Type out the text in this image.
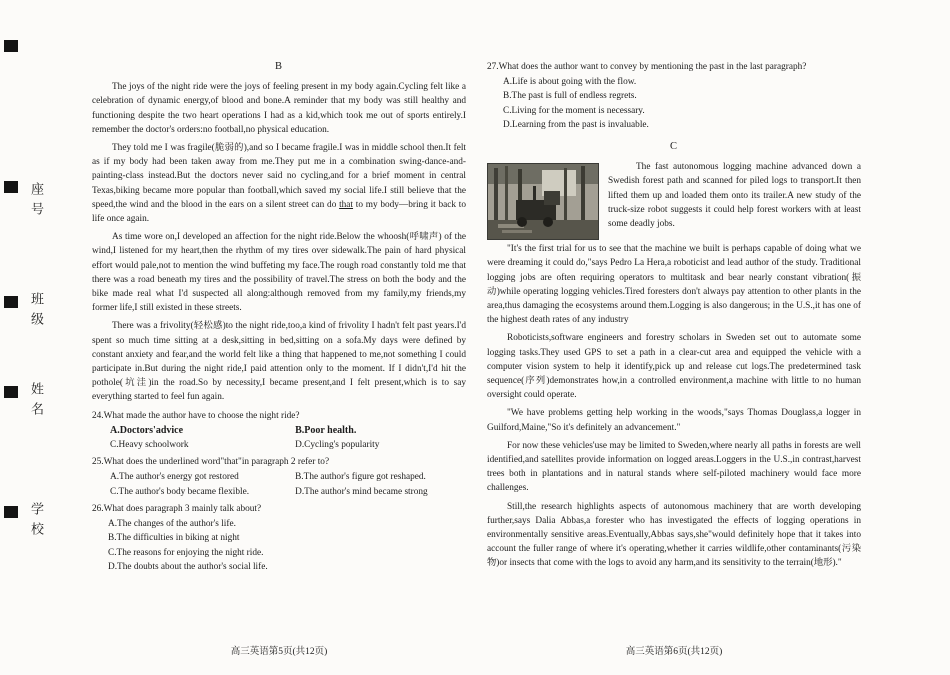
座号
班级
姓名
学校
B

The joys of the night ride were the joys of feeling present in my body again.Cycling felt like a celebration of dynamic energy,of blood and bone.A reminder that my body was still healthy and functioning despite the two heart operations I had as a kid,which took me out of sports entirely.I remember the doctor's orders:no football,no physical education.

They told me I was fragile(脆弱的),and so I became fragile.I was in middle school then.It felt as if my body had been taken away from me.They put me in a combination swing-dance-and-painting-class instead.But the doctors never said no cycling,and for a brief moment in central Texas,biking became more popular than football,which saved my social life.I still believe that the speed,the wind and the blood in the ears on a silent street can do that to my body—bring it back to life once again.

As time wore on,I developed an affection for the night ride.Below the whoosh(呼啸声) of the wind,I listened for my heart,then the rhythm of my tires over sidewalk.The pain of hard physical effort would pale,not to mention the wind buffeting my face.The rough road constantly told me that there was a road beneath my tires and the possibility of travel.The stress on both the body and the bike made real what I'd suspected all along:although removed from my family,my friends,my former life,I still existed in these streets.

There was a frivolity(轻松感)to the night ride,too,a kind of frivolity I hadn't felt past years.I'd spent so much time sitting at a desk,sitting in bed,sitting on a sofa.My days were defined by constant anxiety and fear,and the world felt like a thing that happened to me,not something I could participate in.But during the night ride,I paid attention only to the moment. If I didn't,I'd hit the pothole(坑洼)in the road.So by necessity,I became present,and I felt present,which is to say everything started to feel fun again.

24.What made the author have to choose the night ride?
A.Doctors'advice	B.Poor health.
C.Heavy schoolwork	D.Cycling's popularity
25.What does the underlined word"that"in paragraph 2 refer to?
A.The author's energy got restored	B.The author's figure got reshaped.
C.The author's body became flexible.	D.The author's mind became strong
26.What does paragraph 3 mainly talk about?
A.The changes of the author's life.
B.The difficulties in biking at night
C.The reasons for enjoying the night ride.
D.The doubts about the author's social life.
27.What does the author want to convey by mentioning the past in the last paragraph?
A.Life is about going with the flow.
B.The past is full of endless regrets.
C.Living for the moment is necessary.
D.Learning from the past is invaluable.
C

The fast autonomous logging machine advanced down a Swedish forest path and scanned for piled logs to transport.It then lifted them up and loaded them onto its trailer.A new study of the truck-size robot suggests it could help forest workers with at least some deadly jobs.

"It's the first trial for us to see that the machine we built is perhaps capable of doing what we were dreaming it could do,"says Pedro La Hera,a roboticist and lead author of the study. Traditional logging jobs are often requiring operators to multitask and bear nearly constant vibration(振动)while operating logging vehicles.Tired foresters don't always pay attention to other plants in the area,thus damaging the ecosystems around them.Logging is also dangerous; in the U.S.,it has one of the highest death rates of any industry

Roboticists,software engineers and forestry scholars in Sweden set out to automate some logging tasks.They used GPS to set a path in a clear-cut area and equipped the vehicle with a computer vision system to help it identify,pick up and release cut logs.The predetermined task sequence(序列)demonstrates how,in a controlled environment,a machine with little to no human oversight could operate.

"We have problems getting help working in the woods,"says Thomas Douglass,a logger in Guilford,Maine,"So it's definitely an advancement."

For now these vehicles'use may be limited to Sweden,where nearly all paths in forests are well identified,and satellites provide information on logged areas.Loggers in the U.S.,in contrast,harvest trees both in plantations and in natural stands where self-piloted machinery would face more challenges.

Still,the research highlights aspects of autonomous machinery that are worth developing further,says Dalia Abbas,a forester who has investigated the effects of logging operations in environmentally sensitive areas.Eventually,Abbas says,she"would definitely hope that it takes into account the fuller range of where it's operating,whether it carries wildlife,other contaminants(污染物)or insects that come with the logs to avoid any harm,and its sensitivity to the terrain(地形)."

高三英语第5页(共12页)	高三英语第6页(共12页)
